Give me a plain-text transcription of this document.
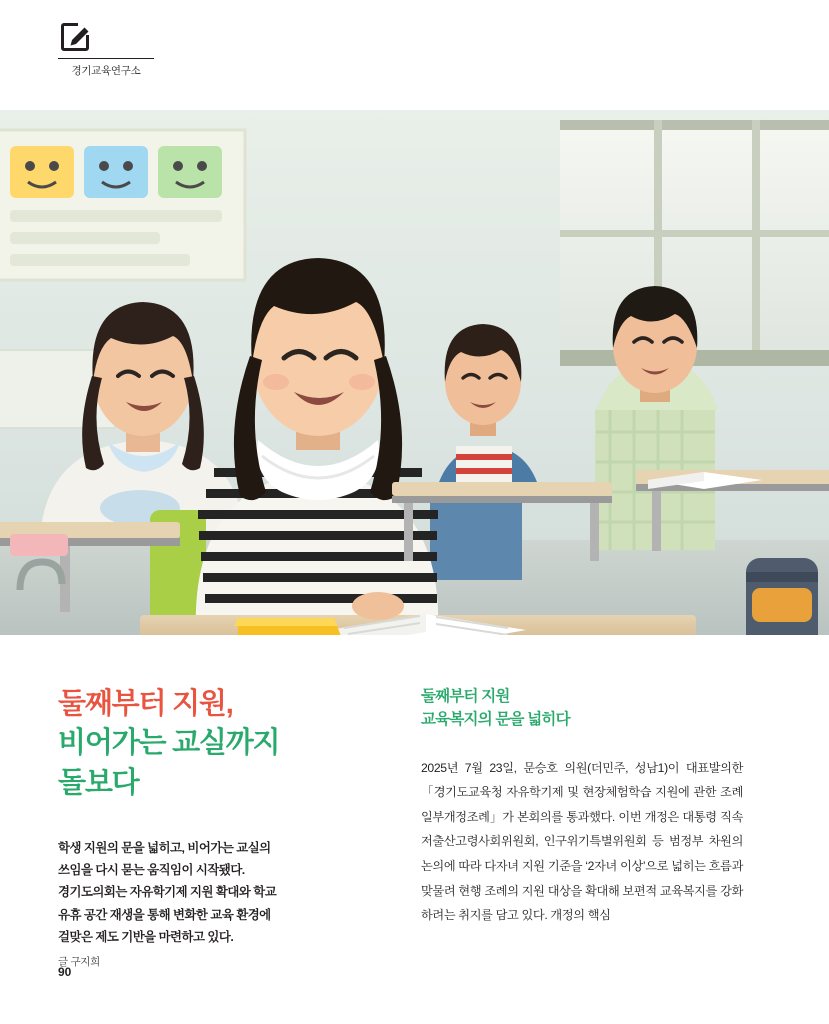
경기교육연구소
둘째부터 지원,
비어가는 교실까지
돌보다
학생 지원의 문을 넓히고, 비어가는 교실의
쓰임을 다시 묻는 움직임이 시작됐다.
경기도의회는 자유학기제 지원 확대와 학교
유휴 공간 재생을 통해 변화한 교육 환경에
걸맞은 제도 기반을 마련하고 있다.
글 구지희
90
둘째부터 지원
교육복지의 문을 넓히다

2025년 7월 23일, 문승호 의원(더민주, 성남1)이 대표발의한 「경기도교육청 자유학기제 및 현장체험학습 지원에 관한 조례 일부개정조례」가 본회의를 통과했다. 이번 개정은 대통령 직속 저출산고령사회위원회, 인구위기특별위원회 등 범정부 차원의 논의에 따라 다자녀 지원 기준을 ‘2자녀 이상’으로 넓히는 흐름과 맞물려 현행 조례의 지원 대상을 확대해 보편적 교육복지를 강화하려는 취지를 담고 있다. 개정의 핵심
